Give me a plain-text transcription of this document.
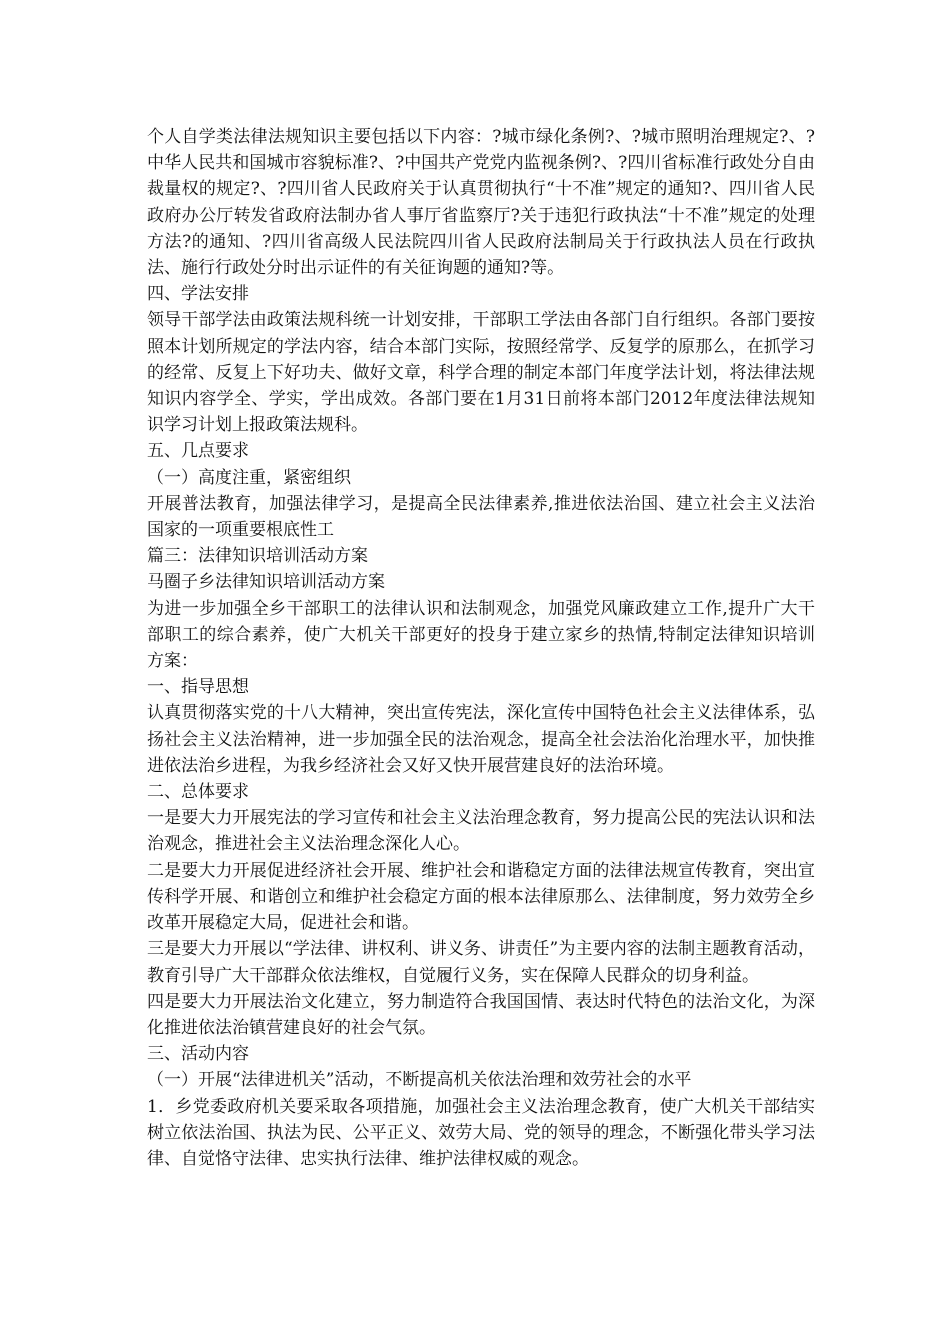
个人自学类法律法规知识主要包括以下内容：?城市绿化条例?、?城市照明治理规定?、?中华人民共和国城市容貌标准?、?中国共产党党内监视条例?、?四川省标准行政处分自由裁量权的规定?、?四川省人民政府关于认真贯彻执行“十不准”规定的通知?、四川省人民政府办公厅转发省政府法制办省人事厅省监察厅?关于违犯行政执法“十不准”规定的处理方法?的通知、?四川省高级人民法院四川省人民政府法制局关于行政执法人员在行政执法、施行行政处分时出示证件的有关征询题的通知?等。

四、学法安排

领导干部学法由政策法规科统一计划安排，干部职工学法由各部门自行组织。各部门要按照本计划所规定的学法内容，结合本部门实际，按照经常学、反复学的原那么，在抓学习的经常、反复上下好功夫、做好文章，科学合理的制定本部门年度学法计划，将法律法规知识内容学全、学实，学出成效。各部门要在1月31日前将本部门2012年度法律法规知识学习计划上报政策法规科。

五、几点要求

（一）高度注重，紧密组织

开展普法教育，加强法律学习，是提高全民法律素养,推进依法治国、建立社会主义法治国家的一项重要根底性工

篇三：法律知识培训活动方案

马圈子乡法律知识培训活动方案

为进一步加强全乡干部职工的法律认识和法制观念，加强党风廉政建立工作,提升广大干部职工的综合素养，使广大机关干部更好的投身于建立家乡的热情,特制定法律知识培训方案：

一、指导思想

认真贯彻落实党的十八大精神，突出宣传宪法，深化宣传中国特色社会主义法律体系，弘扬社会主义法治精神，进一步加强全民的法治观念，提高全社会法治化治理水平，加快推进依法治乡进程，为我乡经济社会又好又快开展营建良好的法治环境。

二、总体要求

一是要大力开展宪法的学习宣传和社会主义法治理念教育，努力提高公民的宪法认识和法治观念，推进社会主义法治理念深化人心。

二是要大力开展促进经济社会开展、维护社会和谐稳定方面的法律法规宣传教育，突出宣传科学开展、和谐创立和维护社会稳定方面的根本法律原那么、法律制度，努力效劳全乡改革开展稳定大局，促进社会和谐。

三是要大力开展以“学法律、讲权利、讲义务、讲责任”为主要内容的法制主题教育活动，教育引导广大干部群众依法维权，自觉履行义务，实在保障人民群众的切身利益。

四是要大力开展法治文化建立，努力制造符合我国国情、表达时代特色的法治文化，为深化推进依法治镇营建良好的社会气氛。

三、活动内容

（一）开展“法律进机关”活动，不断提高机关依法治理和效劳社会的水平

1．乡党委政府机关要采取各项措施，加强社会主义法治理念教育，使广大机关干部结实树立依法治国、执法为民、公平正义、效劳大局、党的领导的理念，不断强化带头学习法律、自觉恪守法律、忠实执行法律、维护法律权威的观念。
